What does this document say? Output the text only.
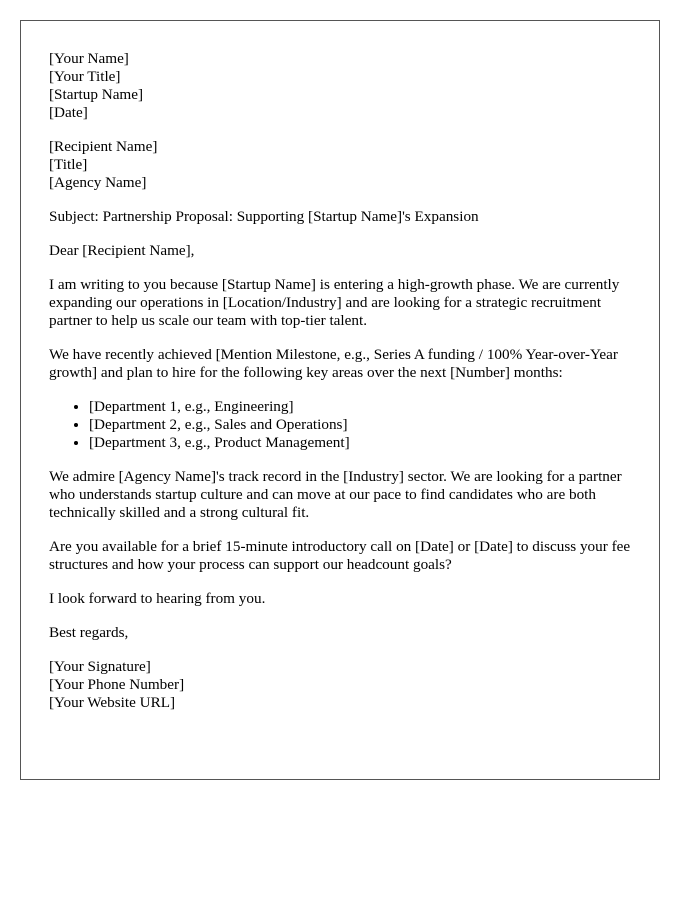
[Your Name]
[Your Title]
[Startup Name]
[Date]
[Recipient Name]
[Title]
[Agency Name]

Subject: Partnership Proposal: Supporting [Startup Name]'s Expansion

Dear [Recipient Name],

I am writing to you because [Startup Name] is entering a high-growth phase. We are currently expanding our operations in [Location/Industry] and are looking for a strategic recruitment partner to help us scale our team with top-tier talent.

We have recently achieved [Mention Milestone, e.g., Series A funding / 100% Year-over-Year growth] and plan to hire for the following key areas over the next [Number] months:

• [Department 1, e.g., Engineering]
• [Department 2, e.g., Sales and Operations]
• [Department 3, e.g., Product Management]

We admire [Agency Name]'s track record in the [Industry] sector. We are looking for a partner who understands startup culture and can move at our pace to find candidates who are both technically skilled and a strong cultural fit.

Are you available for a brief 15-minute introductory call on [Date] or [Date] to discuss your fee structures and how your process can support our headcount goals?

I look forward to hearing from you.

Best regards,

[Your Signature]
[Your Phone Number]
[Your Website URL]
